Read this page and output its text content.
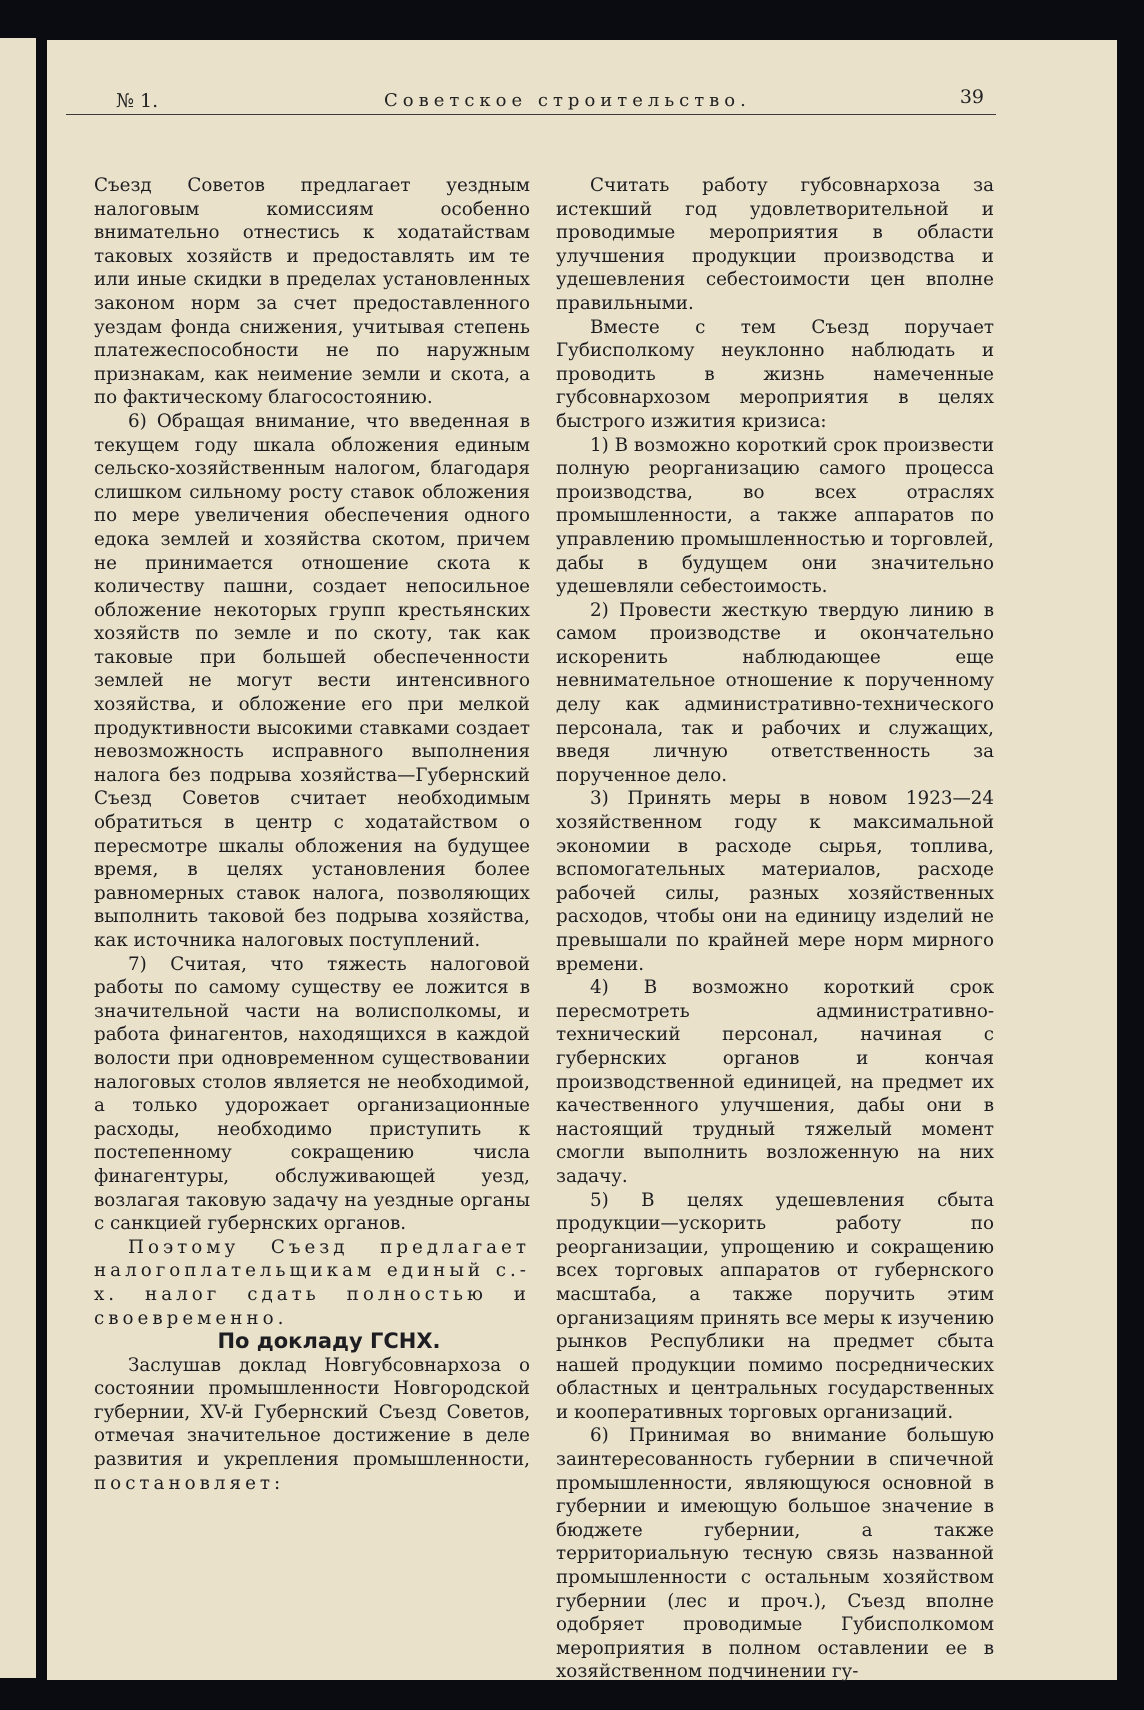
№ 1.	Советское строительство.	39

Съезд Советов предлагает уездным налоговым комиссиям особенно внимательно отнестись к ходатайствам таковых хозяйств и предоставлять им те или иные скидки в пределах установленных законом норм за счет предоставленного уездам фонда снижения, учитывая степень платежеспособности не по наружным признакам, как неимение земли и скота, а по фактическому благосостоянию.

6) Обращая внимание, что введенная в текущем году шкала обложения единым сельско-хозяйственным налогом, благодаря слишком сильному росту ставок обложения по мере увеличения обеспечения одного едока землей и хозяйства скотом, причем не принимается отношение скота к количеству пашни, создает непосильное обложение некоторых групп крестьянских хозяйств по земле и по скоту, так как таковые при большей обеспеченности землей не могут вести интенсивного хозяйства, и обложение его при мелкой продуктивности высокими ставками создает невозможность исправного выполнения налога без подрыва хозяйства—Губернский Съезд Советов считает необходимым обратиться в центр с ходатайством о пересмотре шкалы обложения на будущее время, в целях установления более равномерных ставок налога, позволяющих выполнить таковой без подрыва хозяйства, как источника налоговых поступлений.

7) Считая, что тяжесть налоговой работы по самому существу ее ложится в значительной части на волисполкомы, и работа финагентов, находящихся в каждой волости при одновременном существовании налоговых столов является не необходимой, а только удорожает организационные расходы, необходимо приступить к постепенному сокращению числа финагентуры, обслуживающей уезд, возлагая таковую задачу на уездные органы с санкцией губернских органов.

Поэтому Съезд предлагает налогоплательщикам единый с.-х. налог сдать полностью и своевременно.

По докладу ГСНХ.

Заслушав доклад Новгубсовнархоза о состоянии промышленности Новгородской губернии, XV-й Губернский Съезд Советов, отмечая значительное достижение в деле развития и укрепления промышленности, постановляет:

Считать работу губсовнархоза за истекший год удовлетворительной и проводимые мероприятия в области улучшения продукции производства и удешевления себестоимости цен вполне правильными.

Вместе с тем Съезд поручает Губисполкому неуклонно наблюдать и проводить в жизнь намеченные губсовнархозом мероприятия в целях быстрого изжития кризиса:

1) В возможно короткий срок произвести полную реорганизацию самого процесса производства, во всех отраслях промышленности, а также аппаратов по управлению промышленностью и торговлей, дабы в будущем они значительно удешевляли себестоимость.

2) Провести жесткую твердую линию в самом производстве и окончательно искоренить наблюдающее еще невнимательное отношение к порученному делу как административно-технического персонала, так и рабочих и служащих, введя личную ответственность за порученное дело.

3) Принять меры в новом 1923—24 хозяйственном году к максимальной экономии в расходе сырья, топлива, вспомогательных материалов, расходе рабочей силы, разных хозяйственных расходов, чтобы они на единицу изделий не превышали по крайней мере норм мирного времени.

4) В возможно короткий срок пересмотреть административно-технический персонал, начиная с губернских органов и кончая производственной единицей, на предмет их качественного улучшения, дабы они в настоящий трудный тяжелый момент смогли выполнить возложенную на них задачу.

5) В целях удешевления сбыта продукции—ускорить работу по реорганизации, упрощению и сокращению всех торговых аппаратов от губернского масштаба, а также поручить этим организациям принять все меры к изучению рынков Республики на предмет сбыта нашей продукции помимо посреднических областных и центральных государственных и кооперативных торговых организаций.

6) Принимая во внимание большую заинтересованность губернии в спичечной промышленности, являющуюся основной в губернии и имеющую большое значение в бюджете губернии, а также территориальную тесную связь названной промышленности с остальным хозяйством губернии (лес и проч.), Съезд вполне одобряет проводимые Губисполкомом мероприятия в полном оставлении ее в хозяйственном подчинении гу-
